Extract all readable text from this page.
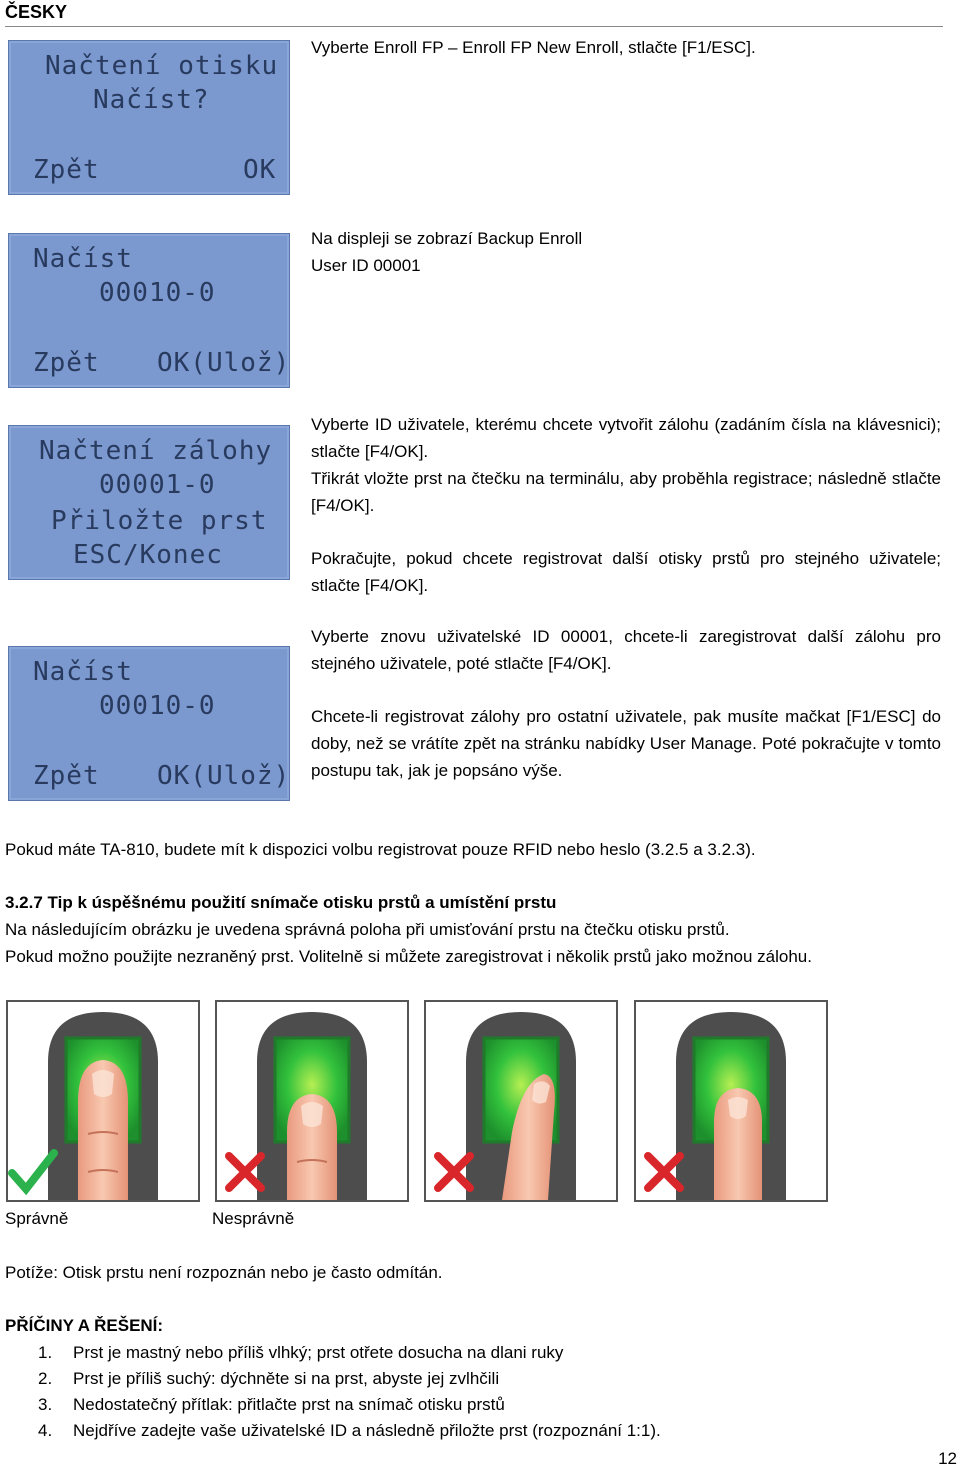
ČESKY
Načtení otisku
Načíst?
Zpět	OK
Načíst
00010-0
Zpět OK(Ulož)
Načtení zálohy
00001-0
Přiložte prst
ESC/Konec
Načíst
00010-0
Zpět OK(Ulož)

Vyberte Enroll FP – Enroll FP New Enroll, stlačte [F1/ESC].

Na displeji se zobrazí Backup Enroll

User ID 00001

Vyberte ID uživatele, kterému chcete vytvořit zálohu (zadáním čísla na klávesnici); stlačte [F4/OK].

Třikrát vložte prst na čtečku na terminálu, aby proběhla registrace; následně stlačte [F4/OK].

Pokračujte, pokud chcete registrovat další otisky prstů pro stejného uživatele; stlačte [F4/OK].

Vyberte znovu uživatelské ID 00001, chcete-li zaregistrovat další zálohu pro stejného uživatele, poté stlačte [F4/OK].

Chcete-li registrovat zálohy pro ostatní uživatele, pak musíte mačkat [F1/ESC] do doby, než se vrátíte zpět na stránku nabídky User Manage. Poté pokračujte v tomto postupu tak, jak je popsáno výše.

Pokud máte TA-810, budete mít k dispozici volbu registrovat pouze RFID nebo heslo (3.2.5 a 3.2.3).

3.2.7 Tip k úspěšnému použití snímače otisku prstů a umístění prstu

Na následujícím obrázku je uvedena správná poloha při umisťování prstu na čtečku otisku prstů.

Pokud možno použijte nezraněný prst. Volitelně si můžete zaregistrovat i několik prstů jako možnou zálohu.

Správně	Nesprávně
Potíže: Otisk prstu není rozpoznán nebo je často odmítán.
PŘÍČINY A ŘEŠENÍ:
1. Prst je mastný nebo příliš vlhký; prst otřete dosucha na dlani ruky
2. Prst je příliš suchý: dýchněte si na prst, abyste jej zvlhčili
3. Nedostatečný přítlak: přitlačte prst na snímač otisku prstů
4. Nejdříve zadejte vaše uživatelské ID a následně přiložte prst (rozpoznání 1:1).
12
